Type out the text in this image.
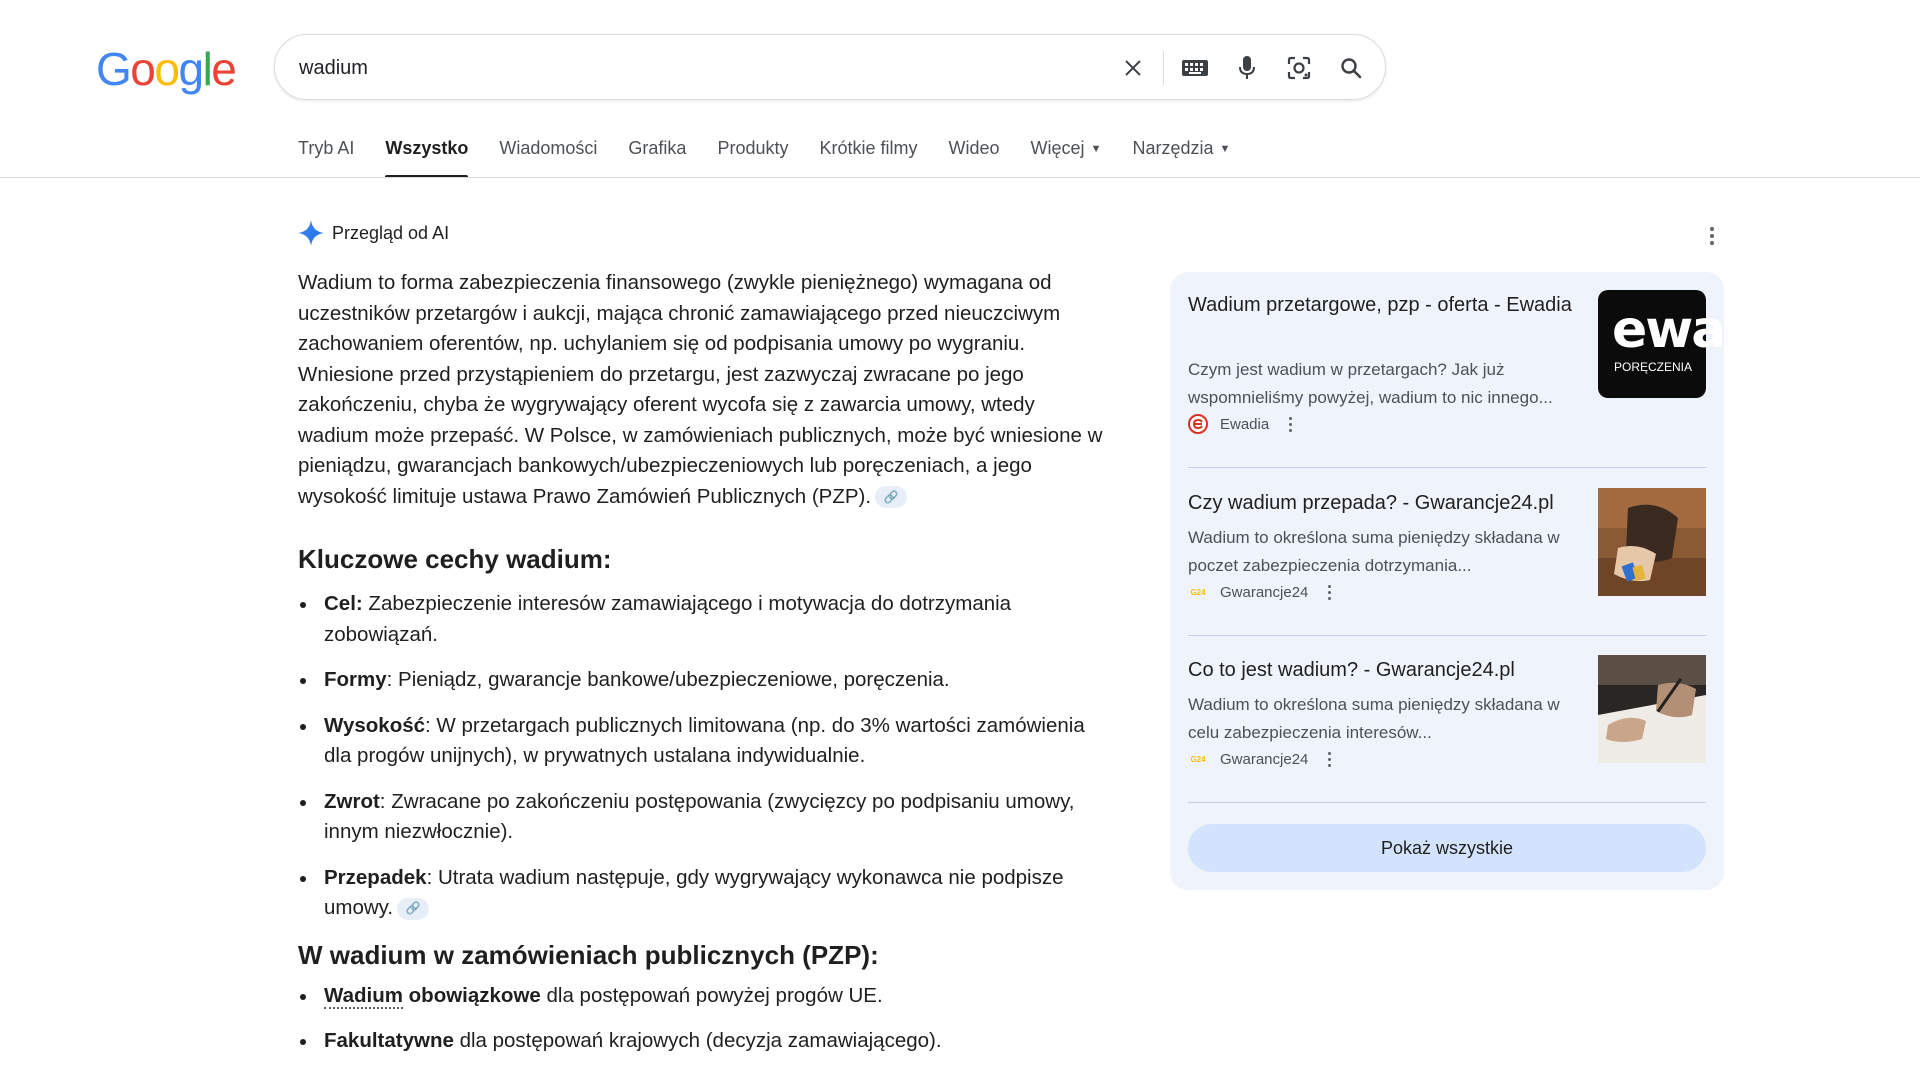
Google
wadium
Tryb AI Wszystko Wiadomości Grafika Produkty Krótkie filmy Wideo Więcej ▼ Narzędzia ▼
Przegląd od AI

Wadium to forma zabezpieczenia finansowego (zwykle pieniężnego) wymagana od uczestników przetargów i aukcji, mająca chronić zamawiającego przed nieuczciwym zachowaniem oferentów, np. uchylaniem się od podpisania umowy po wygraniu. Wniesione przed przystąpieniem do przetargu, jest zazwyczaj zwracane po jego zakończeniu, chyba że wygrywający oferent wycofa się z zawarcia umowy, wtedy wadium może przepaść. W Polsce, w zamówieniach publicznych, może być wniesione w pieniądzu, gwarancjach bankowych/ubezpieczeniowych lub poręczeniach, a jego wysokość limituje ustawa Prawo Zamówień Publicznych (PZP). 🔗

Kluczowe cechy wadium:
Cel: Zabezpieczenie interesów zamawiającego i motywacja do dotrzymania zobowiązań.
Formy: Pieniądz, gwarancje bankowe/ubezpieczeniowe, poręczenia.
Wysokość: W przetargach publicznych limitowana (np. do 3% wartości zamówienia dla progów unijnych), w prywatnych ustalana indywidualnie.
Zwrot: Zwracane po zakończeniu postępowania (zwycięzcy po podpisaniu umowy, innym niezwłocznie).
Przepadek: Utrata wadium następuje, gdy wygrywający wykonawca nie podpisze umowy. 🔗
W wadium w zamówieniach publicznych (PZP):
Wadium obowiązkowe dla postępowań powyżej progów UE.
Fakultatywne dla postępowań krajowych (decyzja zamawiającego).
Wadium przetargowe, pzp - oferta - Ewadia
Czym jest wadium w przetargach? Jak już wspomnieliśmy powyżej, wadium to nic innego...
Ewadia
ewa
PORĘCZENIA
Czy wadium przepada? - Gwarancje24.pl
Wadium to określona suma pieniędzy składana w poczet zabezpieczenia dotrzymania...
G24 Gwarancje24
Co to jest wadium? - Gwarancje24.pl
Wadium to określona suma pieniędzy składana w celu zabezpieczenia interesów...
G24 Gwarancje24
Pokaż wszystkie
